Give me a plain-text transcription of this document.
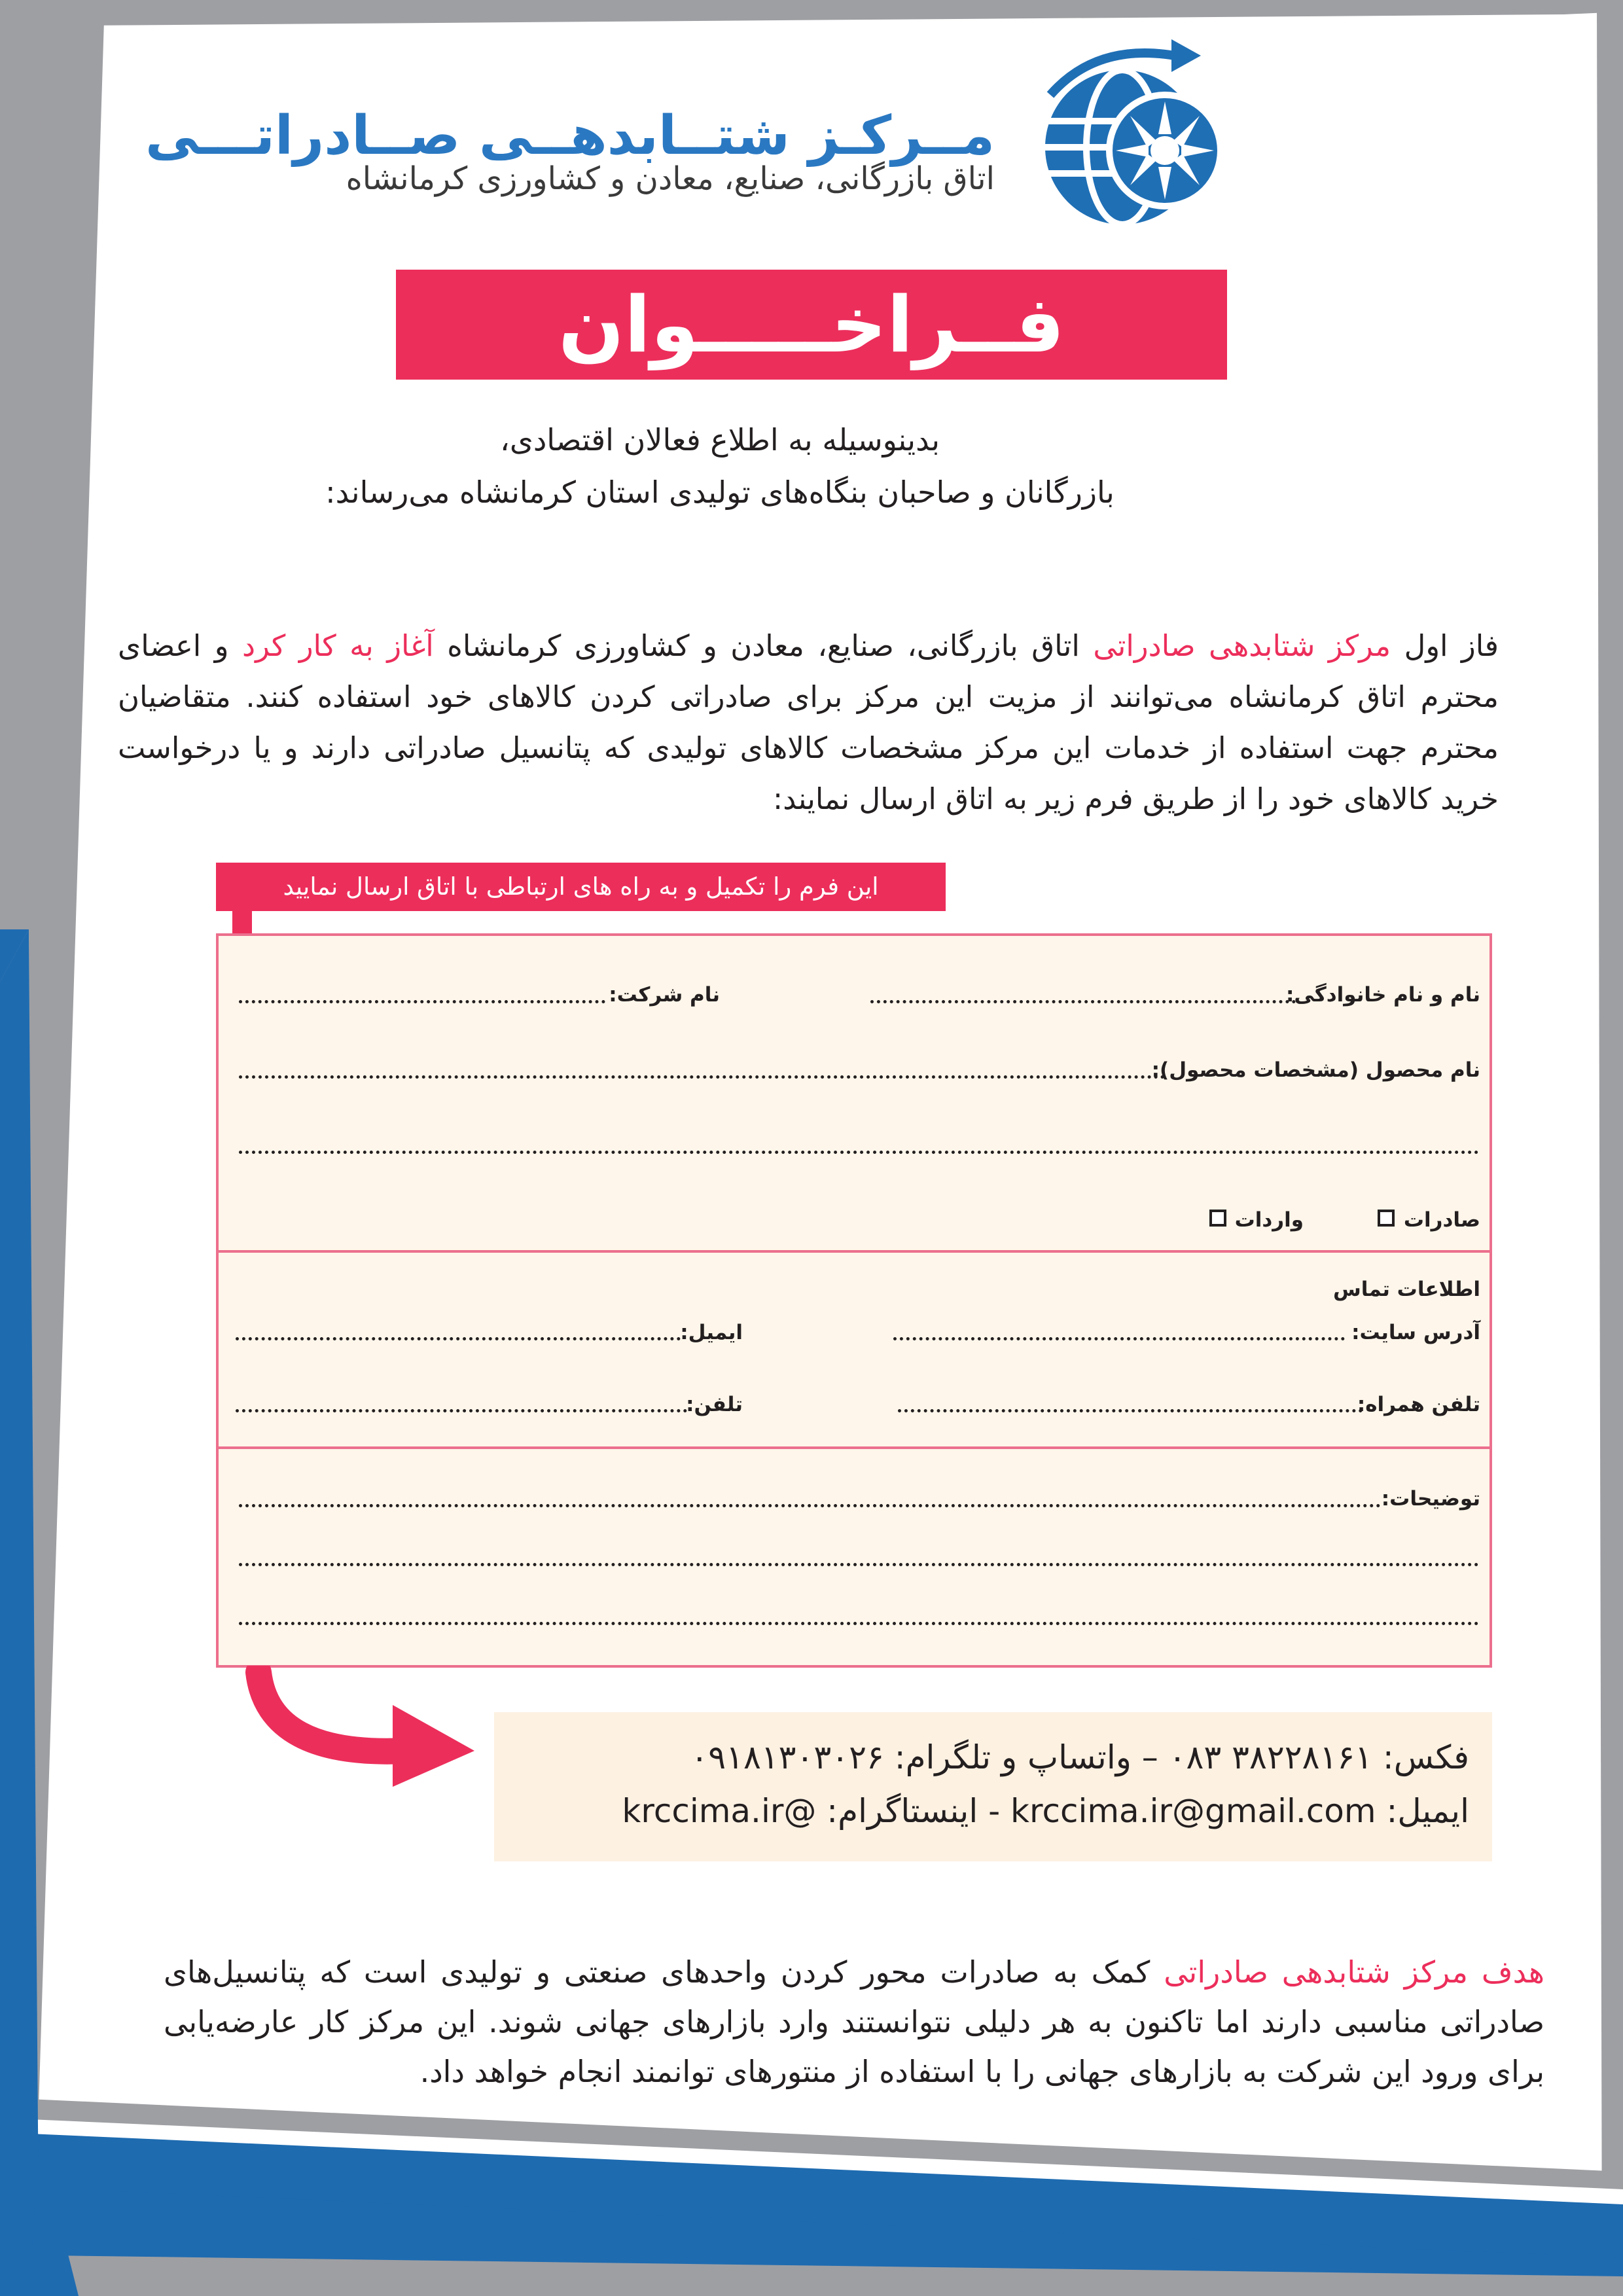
مــرکـز شتــابدهــی صــادراتـــی
اتاق بازرگانی، صنایع، معادن و کشاورزی کرمانشاه
فــراخـــــوان
بدینوسیله به اطلاع فعالان اقتصادی،
بازرگانان و صاحبان بنگاه‌های تولیدی استان کرمانشاه می‌رساند:
فاز اول مرکز شتابدهی صادراتی اتاق بازرگانی، صنایع، معادن و کشاورزی کرمانشاه آغاز به کار کرد و اعضای محترم اتاق کرمانشاه می‌توانند از مزیت این مرکز برای صادراتی کردن کالاهای خود استفاده کنند. متقاضیان محترم جهت استفاده از خدمات این مرکز مشخصات کالاهای تولیدی که پتانسیل صادراتی دارند و یا درخواست خرید کالاهای خود را از طریق فرم زیر به اتاق ارسال نمایند:
این فرم را تکمیل و به راه های ارتباطی با اتاق ارسال نمایید
نام و نام خانوادگی:
نام شرکت:
نام محصول (مشخصات محصول):
صادرات
واردات
اطلاعات تماس
آدرس سایت:
ایمیل:
تلفن همراه:
تلفن:
توضیحات:
فکس: ۳۸۲۲۸۱۶۱ ۰۸۳ – واتساپ و تلگرام: ۰۹۱۸۱۳۰۳۰۲۶
ایمیل: krccima.ir@gmail.com - اینستاگرام: @krccima.ir
هدف مرکز شتابدهی صادراتی کمک به صادرات محور کردن واحدهای صنعتی و تولیدی است که پتانسیل‌های صادراتی مناسبی دارند اما تاکنون به هر دلیلی نتوانستند وارد بازارهای جهانی شوند. این مرکز کار عارضه‌یابی برای ورود این شرکت به بازارهای جهانی را با استفاده از منتورهای توانمند انجام خواهد داد.
